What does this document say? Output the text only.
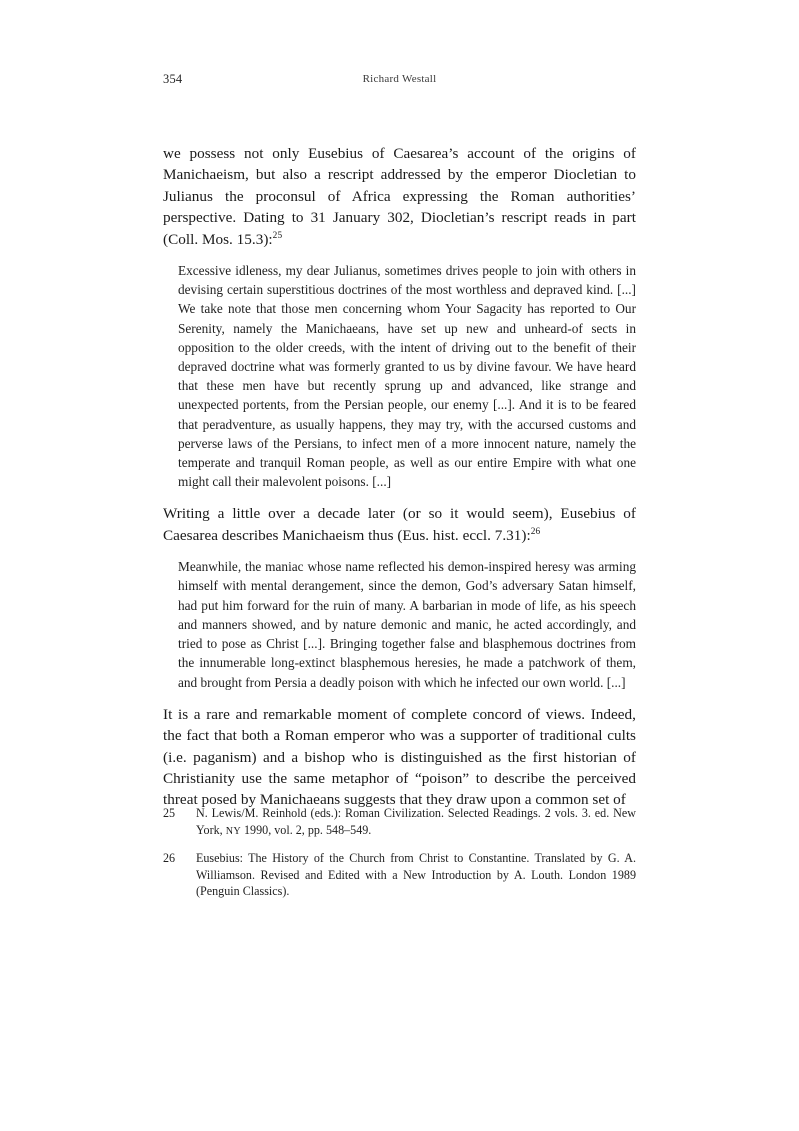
354	Richard Westall

we possess not only Eusebius of Caesarea’s account of the origins of Manichaeism, but also a rescript addressed by the emperor Diocletian to Julianus the proconsul of Africa expressing the Roman authorities’ perspective. Dating to 31 January 302, Diocletian’s rescript reads in part (Coll. Mos. 15.3):$^{25}$

Excessive idleness, my dear Julianus, sometimes drives people to join with others in devising certain superstitious doctrines of the most worthless and depraved kind. [...] We take note that those men concerning whom Your Sagacity has reported to Our Serenity, namely the Manichaeans, have set up new and unheard-of sects in opposition to the older creeds, with the intent of driving out to the benefit of their depraved doctrine what was formerly granted to us by divine favour. We have heard that these men have but recently sprung up and advanced, like strange and unexpected portents, from the Persian people, our enemy [...]. And it is to be feared that peradventure, as usually happens, they may try, with the accursed customs and perverse laws of the Persians, to infect men of a more innocent nature, namely the temperate and tranquil Roman people, as well as our entire Empire with what one might call their malevolent poisons. [...]

Writing a little over a decade later (or so it would seem), Eusebius of Caesarea describes Manichaeism thus (Eus. hist. eccl. 7.31):$^{26}$

Meanwhile, the maniac whose name reflected his demon-inspired heresy was arming himself with mental derangement, since the demon, God’s adversary Satan himself, had put him forward for the ruin of many. A barbarian in mode of life, as his speech and manners showed, and by nature demonic and manic, he acted accordingly, and tried to pose as Christ [...]. Bringing together false and blasphemous doctrines from the innumerable long-extinct blasphemous heresies, he made a patchwork of them, and brought from Persia a deadly poison with which he infected our own world. [...]

It is a rare and remarkable moment of complete concord of views. Indeed, the fact that both a Roman emperor who was a supporter of traditional cults (i.e. paganism) and a bishop who is distinguished as the first historian of Christianity use the same metaphor of “poison” to describe the perceived threat posed by Manichaeans suggests that they draw upon a common set of

25	N. Lewis/M. Reinhold (eds.): Roman Civilization. Selected Readings. 2 vols. 3. ed. New York, NY 1990, vol. 2, pp. 548–549.
26	Eusebius: The History of the Church from Christ to Constantine. Translated by G. A. Williamson. Revised and Edited with a New Introduction by A. Louth. London 1989 (Penguin Classics).
